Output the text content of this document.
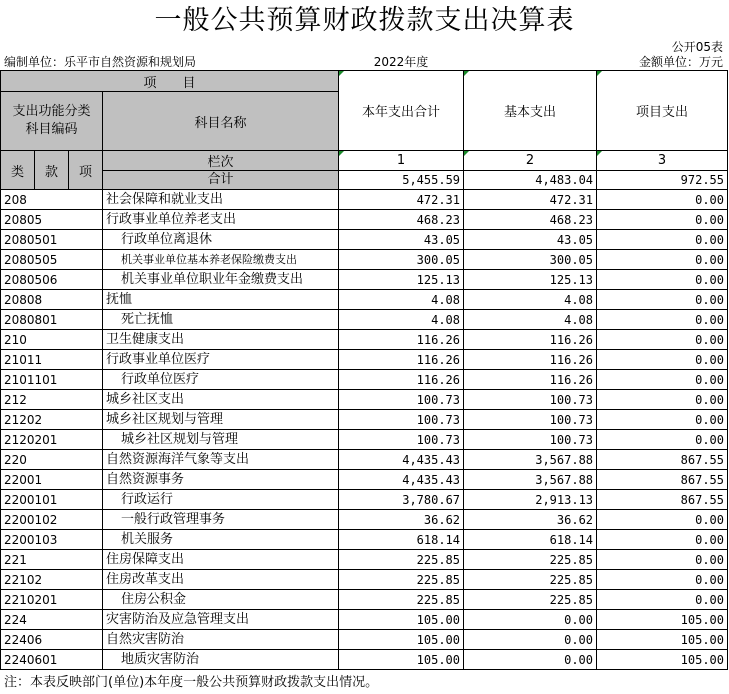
一般公共预算财政拨款支出决算表
公开05表
编制单位：乐平市自然资源和规划局	2022年度	金额单位：万元
项　　目				本年支出合计	基本支出	项目支出
支出功能分类
科目编码			科目名称			
类	款	项	栏次	1	2	3
			合计	5,455.59	4,483.04	972.55
208			社会保障和就业支出	472.31	472.31	0.00
20805			行政事业单位养老支出	468.23	468.23	0.00
2080501			行政单位离退休	43.05	43.05	0.00
2080505			机关事业单位基本养老保险缴费支出	300.05	300.05	0.00
2080506			机关事业单位职业年金缴费支出	125.13	125.13	0.00
20808			抚恤	4.08	4.08	0.00
2080801			死亡抚恤	4.08	4.08	0.00
210			卫生健康支出	116.26	116.26	0.00
21011			行政事业单位医疗	116.26	116.26	0.00
2101101			行政单位医疗	116.26	116.26	0.00
212			城乡社区支出	100.73	100.73	0.00
21202			城乡社区规划与管理	100.73	100.73	0.00
2120201			城乡社区规划与管理	100.73	100.73	0.00
220			自然资源海洋气象等支出	4,435.43	3,567.88	867.55
22001			自然资源事务	4,435.43	3,567.88	867.55
2200101			行政运行	3,780.67	2,913.13	867.55
2200102			一般行政管理事务	36.62	36.62	0.00
2200103			机关服务	618.14	618.14	0.00
221			住房保障支出	225.85	225.85	0.00
22102			住房改革支出	225.85	225.85	0.00
2210201			住房公积金	225.85	225.85	0.00
224			灾害防治及应急管理支出	105.00	0.00	105.00
22406			自然灾害防治	105.00	0.00	105.00
2240601			地质灾害防治	105.00	0.00	105.00
注：本表反映部门(单位)本年度一般公共预算财政拨款支出情况。
